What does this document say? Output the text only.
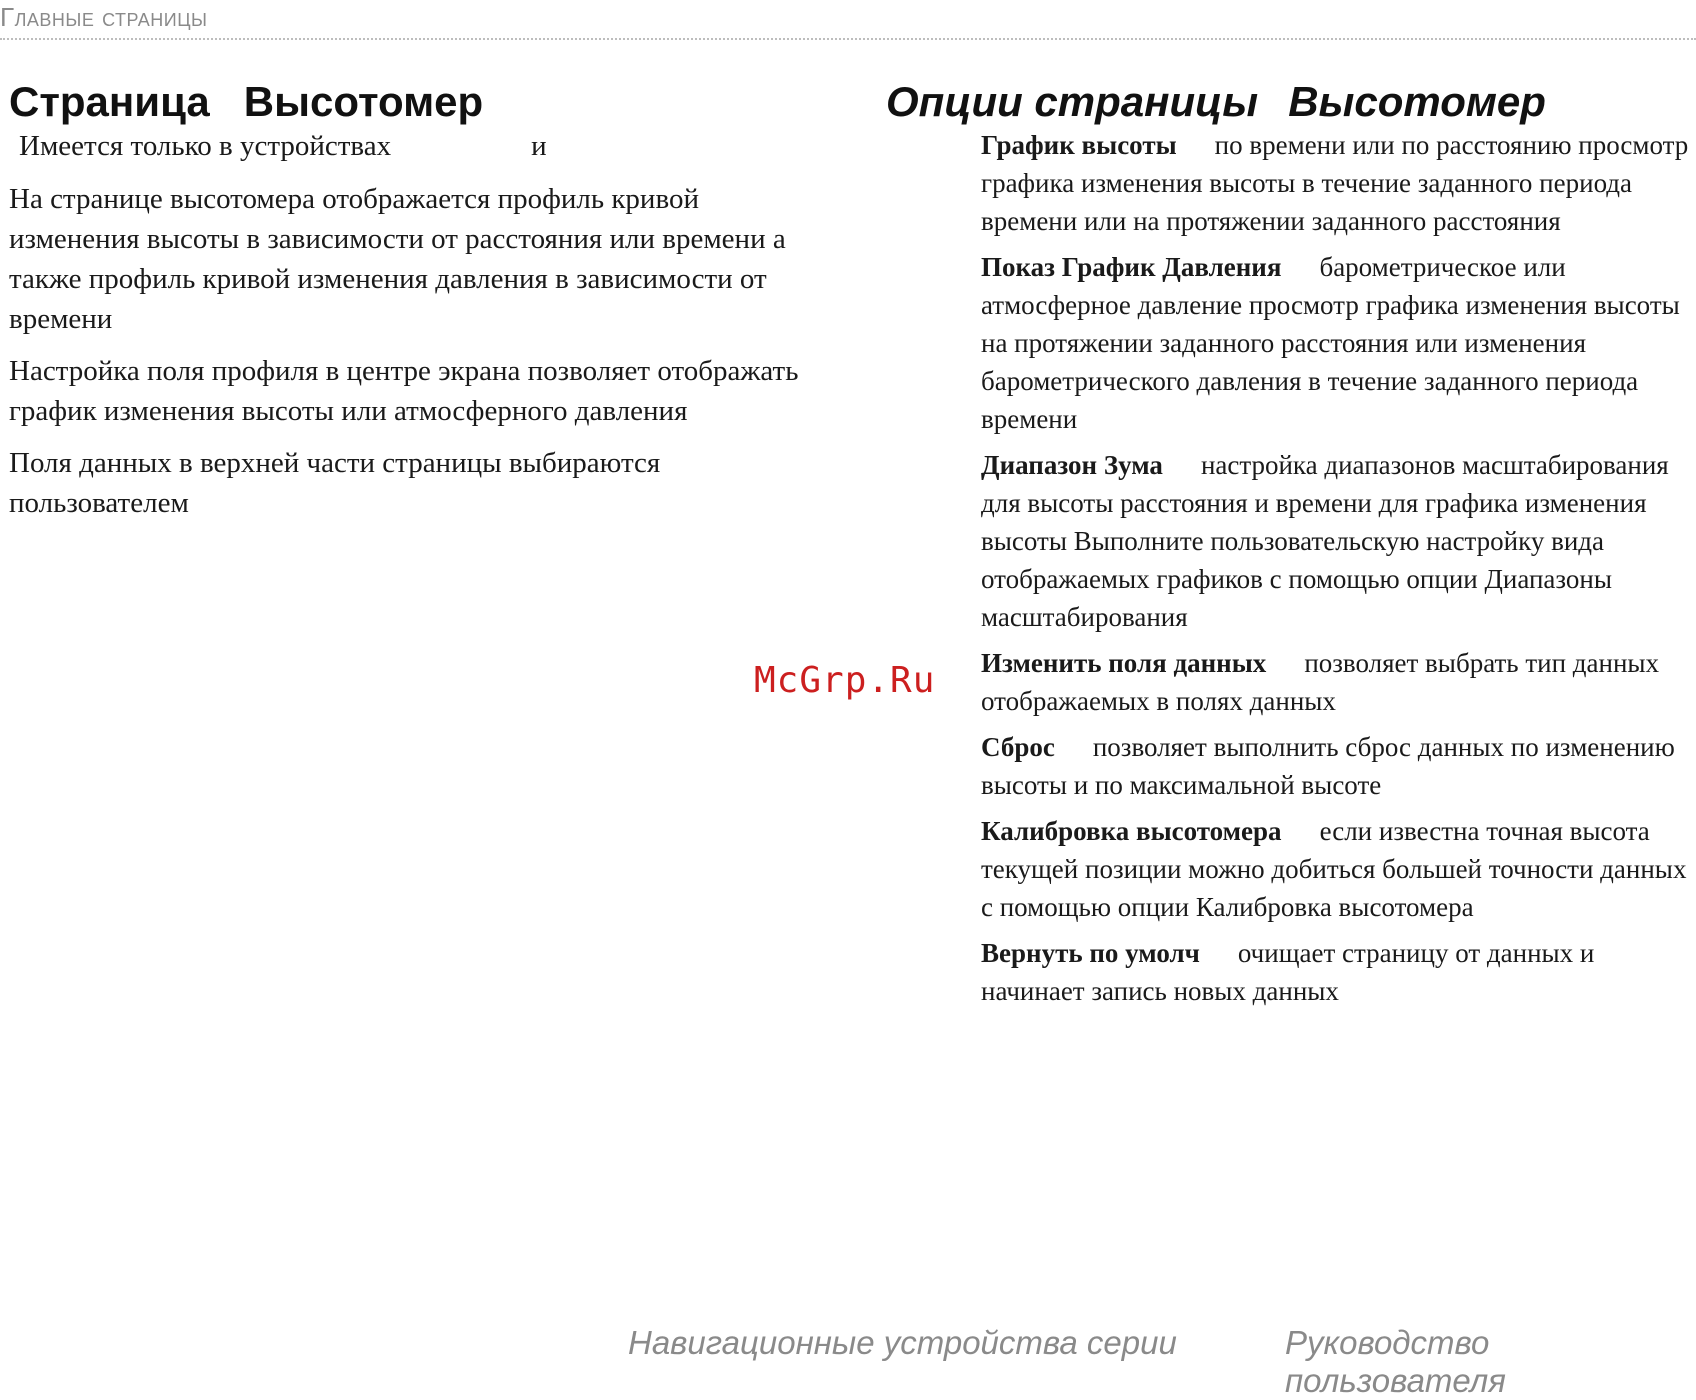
Главные страницы
Страница Высотомер

Имеется только в устройствах	и

На странице высотомера отображается профиль кривой изменения высоты в зависимости от расстояния или времени а также профиль кривой изменения давления в зависимости от времени

Настройка поля профиля в центре экрана позволяет отображать график изменения высоты или атмосферного давления

Поля данных в верхней части страницы выбираются пользователем

Опции страницы Высотомер

График высоты по времени или по расстоянию просмотр графика изменения высоты в течение заданного периода времени или на протяжении заданного расстояния

Показ График Давления барометрическое или атмосферное давление просмотр графика изменения высоты на протяжении заданного расстояния или изменения барометрического давления в течение заданного периода времени

Диапазон Зума настройка диапазонов масштабирования для высоты расстояния и времени для графика изменения высоты Выполните пользовательскую настройку вида отображаемых графиков с помощью опции Диапазоны масштабирования

Изменить поля данных позволяет выбрать тип данных отображаемых в полях данных

Сброс позволяет выполнить сброс данных по изменению высоты и по максимальной высоте

Калибровка высотомера если известна точная высота текущей позиции можно добиться большей точности данных с помощью опции Калибровка высотомера

Вернуть по умолч очищает страницу от данных и начинает запись новых данных

McGrp.Ru
Навигационные устройства серии	Руководство пользователя
